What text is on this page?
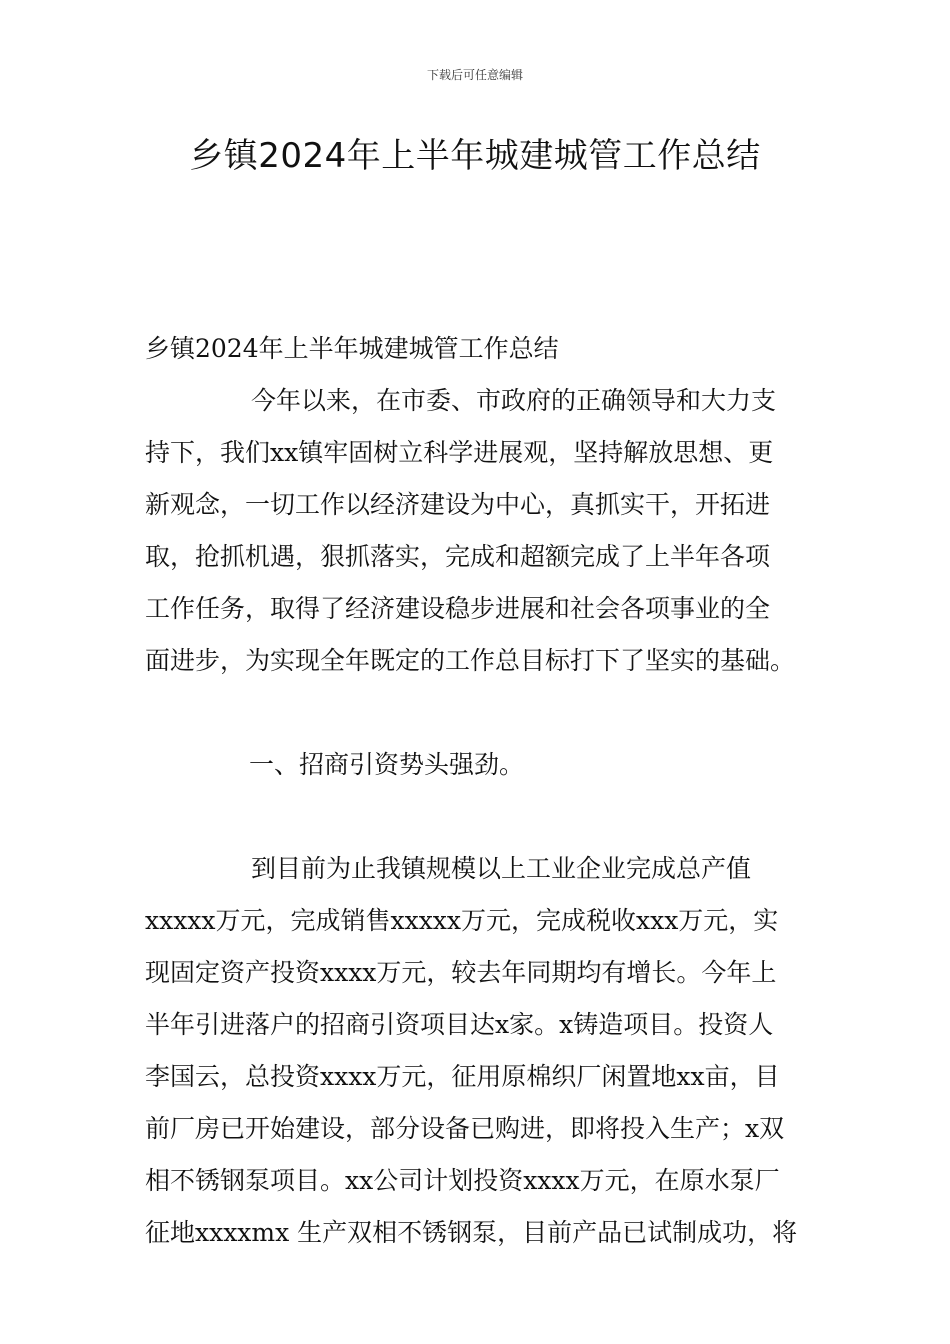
下载后可任意编辑
乡镇2024年上半年城建城管工作总结
乡镇2024年上半年城建城管工作总结
今年以来，在市委、市政府的正确领导和大力支
持下，我们xx镇牢固树立科学进展观，坚持解放思想、更
新观念，一切工作以经济建设为中心，真抓实干，开拓进
取，抢抓机遇，狠抓落实，完成和超额完成了上半年各项
工作任务，取得了经济建设稳步进展和社会各项事业的全
面进步，为实现全年既定的工作总目标打下了坚实的基础。
一、招商引资势头强劲。
到目前为止我镇规模以上工业企业完成总产值
xxxxx万元，完成销售xxxxx万元，完成税收xxx万元，实
现固定资产投资xxxx万元，较去年同期均有增长。今年上
半年引进落户的招商引资项目达x家。x铸造项目。投资人
李国云，总投资xxxx万元，征用原棉织厂闲置地xx亩，目
前厂房已开始建设，部分设备已购进，即将投入生产；x双
相不锈钢泵项目。xx公司计划投资xxxx万元，在原水泵厂
征地xxxxmx 生产双相不锈钢泵，目前产品已试制成功，将
